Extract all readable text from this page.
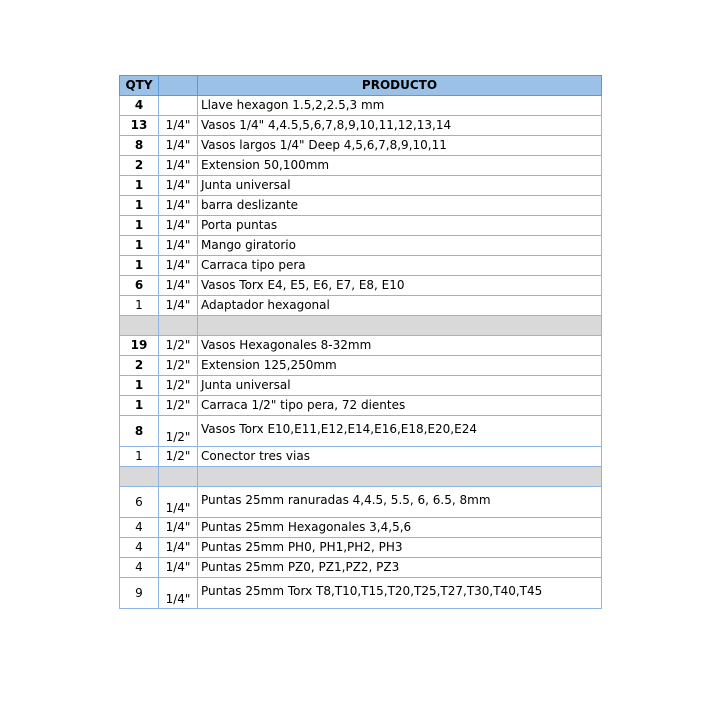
QTY		PRODUCTO
4		Llave hexagon 1.5,2,2.5,3 mm
13	1/4"	Vasos 1/4" 4,4.5,5,6,7,8,9,10,11,12,13,14
8	1/4"	Vasos largos 1/4" Deep 4,5,6,7,8,9,10,11
2	1/4"	Extension 50,100mm
1	1/4"	Junta universal
1	1/4"	barra deslizante
1	1/4"	Porta puntas
1	1/4"	Mango giratorio
1	1/4"	Carraca tipo pera
6	1/4"	Vasos Torx E4, E5, E6, E7, E8, E10
1	1/4"	Adaptador hexagonal

19	1/2"	Vasos Hexagonales 8-32mm
2	1/2"	Extension 125,250mm
1	1/2"	Junta universal
1	1/2"	Carraca 1/2" tipo pera, 72 dientes
8	1/2"	Vasos Torx E10,E11,E12,E14,E16,E18,E20,E24
1	1/2"	Conector tres vias

6	1/4"	Puntas 25mm ranuradas 4,4.5, 5.5, 6, 6.5, 8mm
4	1/4"	Puntas 25mm Hexagonales 3,4,5,6
4	1/4"	Puntas 25mm PH0, PH1,PH2, PH3
4	1/4"	Puntas 25mm PZ0, PZ1,PZ2, PZ3
9	1/4"	Puntas 25mm Torx T8,T10,T15,T20,T25,T27,T30,T40,T45
